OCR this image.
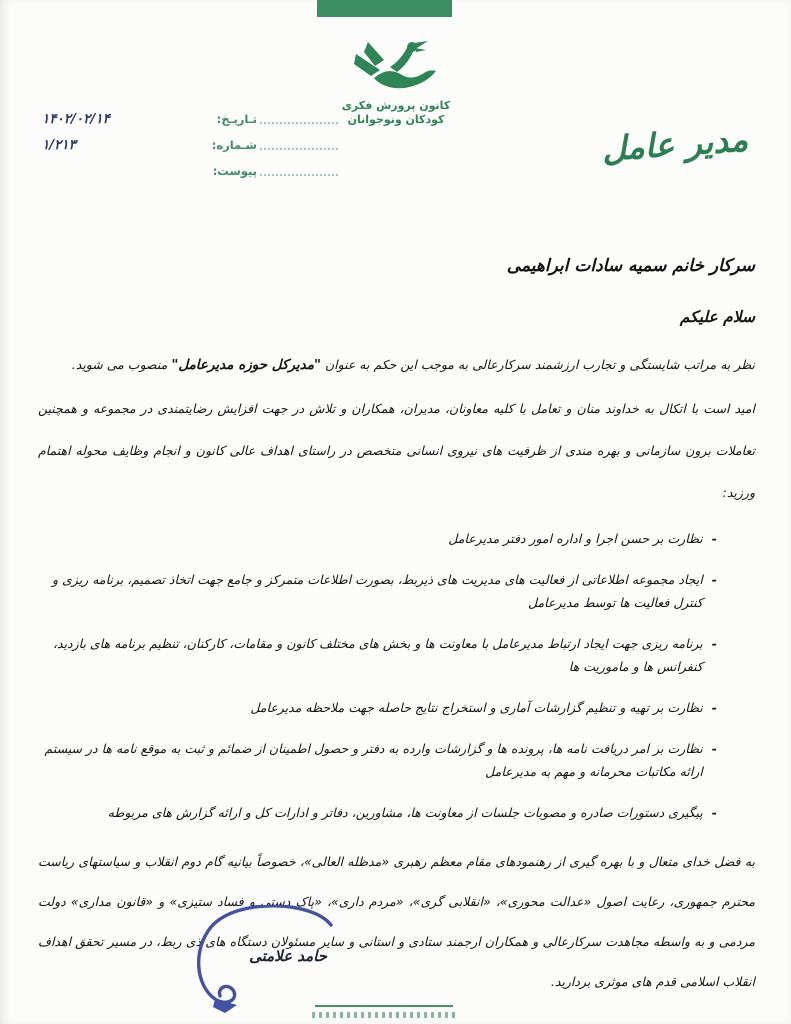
کانون پرورش فکری
کودکان ونوجوانان
مدیر عامل
تـاریـخ:
۱۴۰۲/۰۲/۱۴
شـماره:
۱/۲۱۳
پیوست:
سرکار خانم سمیه سادات ابراهیمی
سلام علیکم

نظر به مراتب شایستگی و تجارب ارزشمند سرکارعالی به موجب این حکم به عنوان "مدیرکل حوزه مدیرعامل" منصوب می شوید.

امید است با اتکال به خداوند منان و تعامل با کلیه معاونان، مدیران، همکاران و تلاش در جهت افزایش رضایتمندی در مجموعه و همچنین تعاملات برون سازمانی و بهره مندی از ظرفیت های نیروی انسانی متخصص در راستای اهداف عالی کانون و انجام وظایف محوله اهتمام ورزید:

-
نظارت بر حسن اجرا و اداره امور دفتر مدیرعامل
-
ایجاد مجموعه اطلاعاتی از فعالیت های مدیریت های ذیربط، بصورت اطلاعات متمرکز و جامع جهت اتخاذ تصمیم، برنامه ریزی و کنترل فعالیت ها توسط مدیرعامل
-
برنامه ریزی جهت ایجاد ارتباط مدیرعامل با معاونت ها و بخش های مختلف کانون و مقامات، کارکنان، تنظیم برنامه های بازدید، کنفرانس ها و ماموریت ها
-
نظارت بر تهیه و تنظیم گزارشات آماری و استخراج نتایج حاصله جهت ملاحظه مدیرعامل
-
نظارت بر امر دریافت نامه ها، پرونده ها و گزارشات وارده به دفتر و حصول اطمینان از ضمائم و ثبت به موقع نامه ها در سیستم ارائه مکاتبات محرمانه و مهم به مدیرعامل
-
پیگیری دستورات صادره و مصوبات جلسات از معاونت ها، مشاورین، دفاتر و ادارات کل و ارائه گزارش های مربوطه

به فضل خدای متعال و با بهره گیری از رهنمودهای مقام معظم رهبری «مدظله العالی»، خصوصاً بیانیه گام دوم انقلاب و سیاستهای ریاست محترم جمهوری، رعایت اصول «عدالت محوری»، «انقلابی گری»، «مردم داری»، «پاک دستی و فساد ستیزی» و «قانون مداری» دولت مردمی و به واسطه مجاهدت سرکارعالی و همکاران ارجمند ستادی و استانی و سایر مسئولان دستگاه های ذی ربط، در مسیر تحقق اهداف انقلاب اسلامی قدم های موثری بردارید.

حامد علامتی
